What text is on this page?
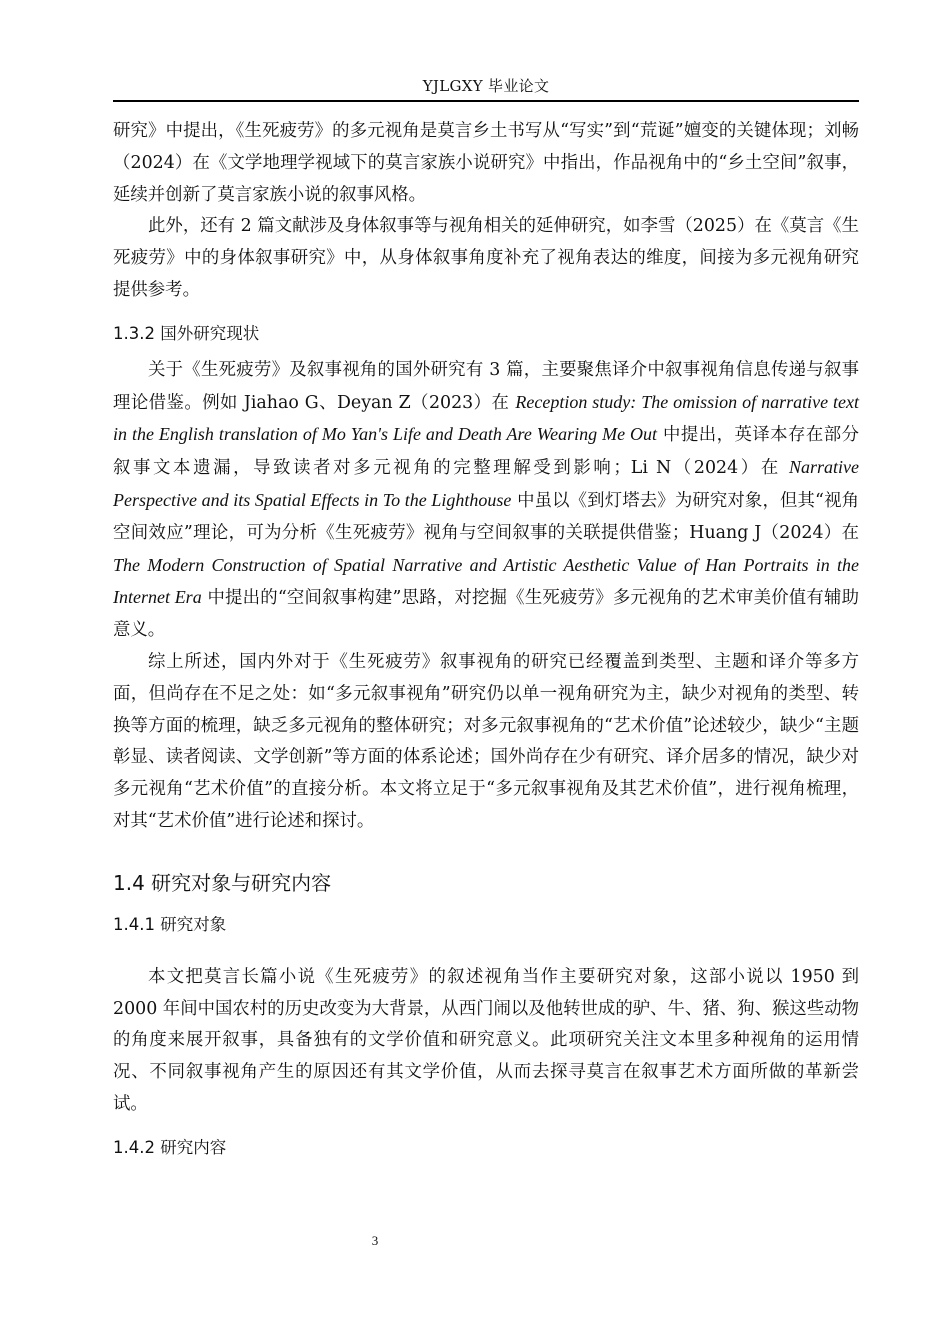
YJLGXY 毕业论文

研究》中提出，《生死疲劳》的多元视角是莫言乡土书写从“写实”到“荒诞”嬗变的关键体现；刘畅（2024）在《文学地理学视域下的莫言家族小说研究》中指出，作品视角中的“乡土空间”叙事，延续并创新了莫言家族小说的叙事风格。

此外，还有 2 篇文献涉及身体叙事等与视角相关的延伸研究，如李雪（2025）在《莫言《生死疲劳》中的身体叙事研究》中，从身体叙事角度补充了视角表达的维度，间接为多元视角研究提供参考。

1.3.2 国外研究现状

关于《生死疲劳》及叙事视角的国外研究有 3 篇，主要聚焦译介中叙事视角信息传递与叙事理论借鉴。例如 Jiahao G、Deyan Z（2023）在 Reception study: The omission of narrative text in the English translation of Mo Yan's Life and Death Are Wearing Me Out 中提出，英译本存在部分叙事文本遗漏，导致读者对多元视角的完整理解受到影响；Li N（2024）在 Narrative Perspective and its Spatial Effects in To the Lighthouse 中虽以《到灯塔去》为研究对象，但其“视角空间效应”理论，可为分析《生死疲劳》视角与空间叙事的关联提供借鉴；Huang J（2024）在 The Modern Construction of Spatial Narrative and Artistic Aesthetic Value of Han Portraits in the Internet Era 中提出的“空间叙事构建”思路，对挖掘《生死疲劳》多元视角的艺术审美价值有辅助意义。

综上所述，国内外对于《生死疲劳》叙事视角的研究已经覆盖到类型、主题和译介等多方面，但尚存在不足之处：如“多元叙事视角”研究仍以单一视角研究为主，缺少对视角的类型、转换等方面的梳理，缺乏多元视角的整体研究；对多元叙事视角的“艺术价值”论述较少，缺少“主题彰显、读者阅读、文学创新”等方面的体系论述；国外尚存在少有研究、译介居多的情况，缺少对多元视角“艺术价值”的直接分析。本文将立足于“多元叙事视角及其艺术价值”，进行视角梳理，对其“艺术价值”进行论述和探讨。

1.4 研究对象与研究内容
1.4.1 研究对象

本文把莫言长篇小说《生死疲劳》的叙述视角当作主要研究对象，这部小说以 1950 到 2000 年间中国农村的历史改变为大背景，从西门闹以及他转世成的驴、牛、猪、狗、猴这些动物的角度来展开叙事，具备独有的文学价值和研究意义。此项研究关注文本里多种视角的运用情况、不同叙事视角产生的原因还有其文学价值，从而去探寻莫言在叙事艺术方面所做的革新尝试。

1.4.2 研究内容
3
